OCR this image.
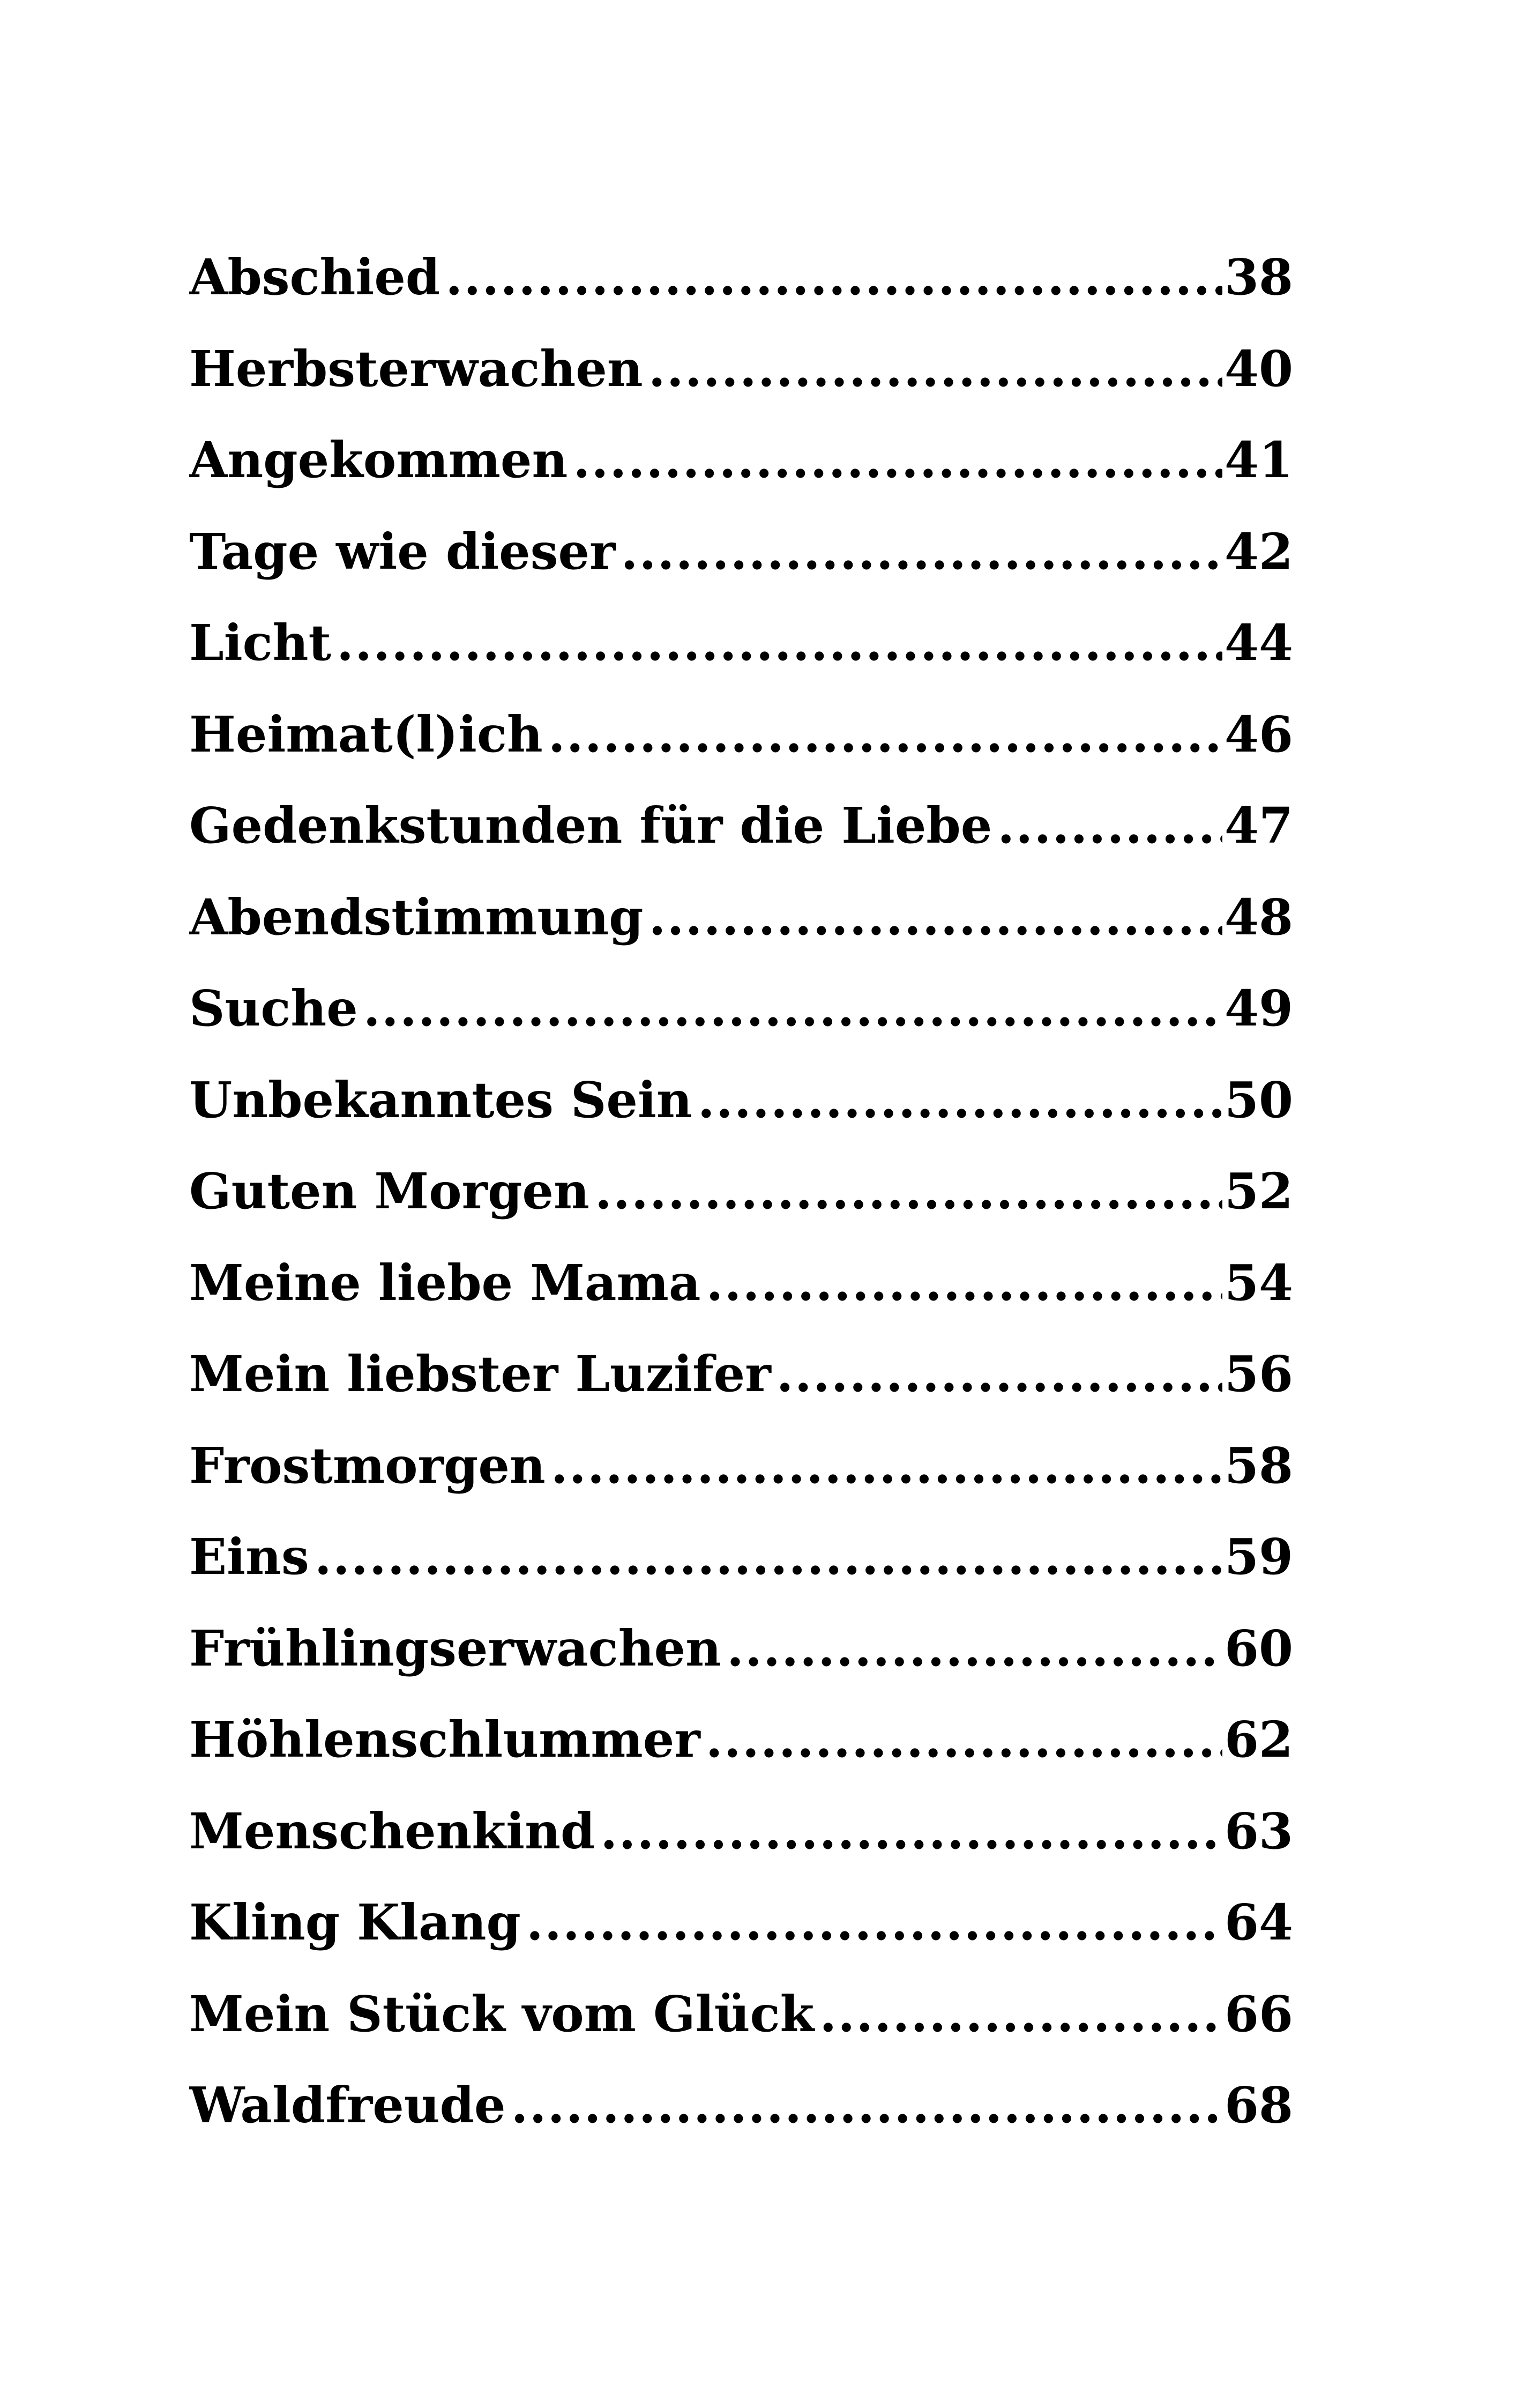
Abschied .....	38
Herbsterwachen .....	40
Angekommen .....	41
Tage wie dieser .....	42
Licht .....	44
Heimat(l)ich .....	46
Gedenkstunden für die Liebe .....	47
Abendstimmung .....	48
Suche .....	49
Unbekanntes Sein .....	50
Guten Morgen .....	52
Meine liebe Mama .....	54
Mein liebster Luzifer .....	56
Frostmorgen .....	58
Eins .....	59
Frühlingserwachen .....	60
Höhlenschlummer .....	62
Menschenkind .....	63
Kling Klang .....	64
Mein Stück vom Glück .....	66
Waldfreude .....	68
